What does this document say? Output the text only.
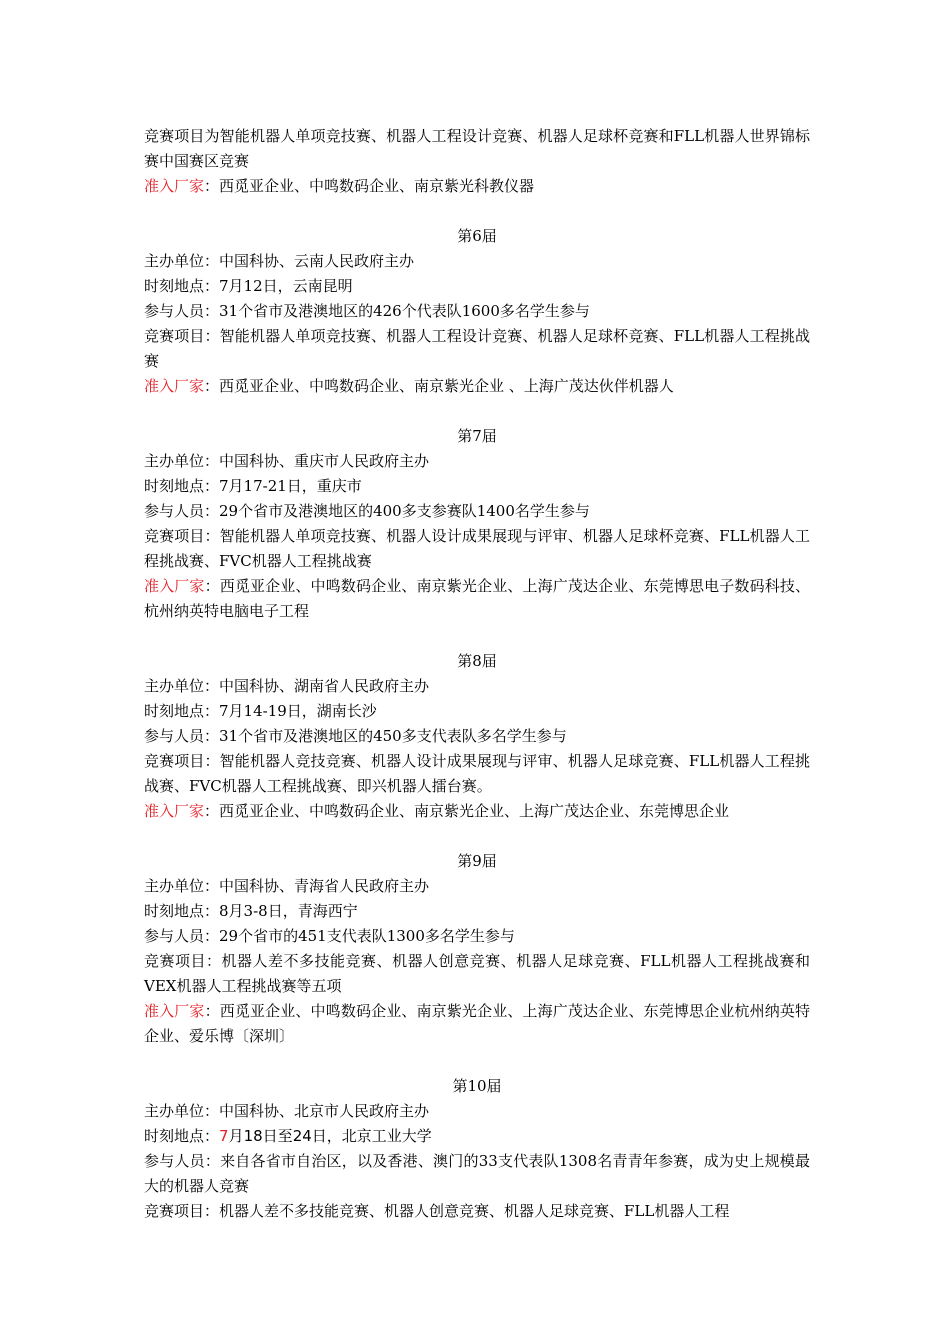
竞赛项目为智能机器人单项竞技赛、机器人工程设计竞赛、机器人足球杯竞赛和FLL机器人世界锦标赛中国赛区竞赛

准入厂家：西觅亚企业、中鸣数码企业、南京紫光科教仪器

第6届

主办单位：中国科协、云南人民政府主办

时刻地点：7月12日，云南昆明

参与人员：31个省市及港澳地区的426个代表队1600多名学生参与

竞赛项目：智能机器人单项竞技赛、机器人工程设计竞赛、机器人足球杯竞赛、FLL机器人工程挑战赛

准入厂家：西觅亚企业、中鸣数码企业、南京紫光企业 、上海广茂达伙伴机器人

第7届

主办单位：中国科协、重庆市人民政府主办

时刻地点：7月17-21日，重庆市

参与人员：29个省市及港澳地区的400多支参赛队1400名学生参与

竞赛项目：智能机器人单项竞技赛、机器人设计成果展现与评审、机器人足球杯竞赛、FLL机器人工程挑战赛、FVC机器人工程挑战赛

准入厂家：西觅亚企业、中鸣数码企业、南京紫光企业、上海广茂达企业、东莞博思电子数码科技、杭州纳英特电脑电子工程

第8届

主办单位：中国科协、湖南省人民政府主办

时刻地点：7月14-19日，湖南长沙

参与人员：31个省市及港澳地区的450多支代表队多名学生参与

竞赛项目：智能机器人竞技竞赛、机器人设计成果展现与评审、机器人足球竞赛、FLL机器人工程挑战赛、FVC机器人工程挑战赛、即兴机器人擂台赛。

准入厂家：西觅亚企业、中鸣数码企业、南京紫光企业、上海广茂达企业、东莞博思企业

第9届

主办单位：中国科协、青海省人民政府主办

时刻地点：8月3-8日，青海西宁

参与人员：29个省市的451支代表队1300多名学生参与

竞赛项目：机器人差不多技能竞赛、机器人创意竞赛、机器人足球竞赛、FLL机器人工程挑战赛和VEX机器人工程挑战赛等五项

准入厂家：西觅亚企业、中鸣数码企业、南京紫光企业、上海广茂达企业、东莞博思企业杭州纳英特企业、爱乐博〔深圳〕

第10届

主办单位：中国科协、北京市人民政府主办

时刻地点：7月18日至24日，北京工业大学

参与人员：来自各省市自治区，以及香港、澳门的33支代表队1308名青青年参赛，成为史上规模最大的机器人竞赛

竞赛项目：机器人差不多技能竞赛、机器人创意竞赛、机器人足球竞赛、FLL机器人工程
